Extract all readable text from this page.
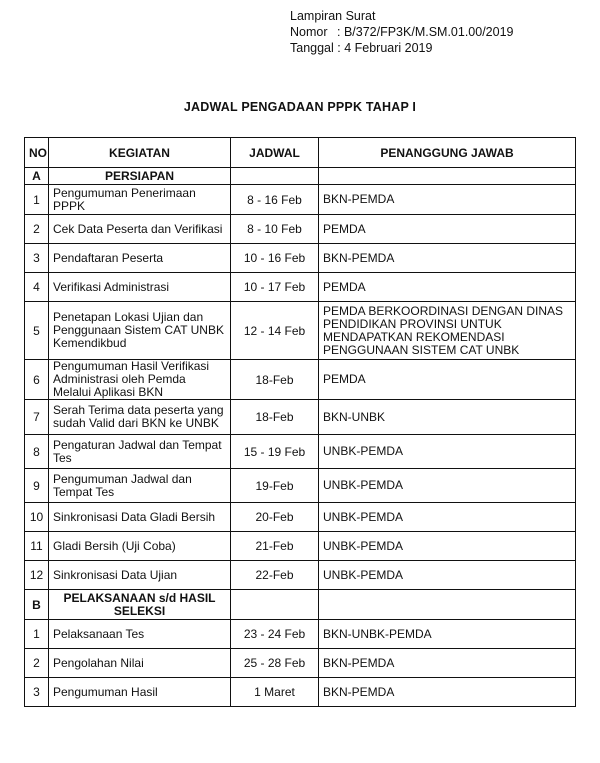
Lampiran Surat
Nomor : B/372/FP3K/M.SM.01.00/2019
Tanggal : 4 Februari 2019
JADWAL PENGADAAN PPPK TAHAP I
NO	KEGIATAN	JADWAL	PENANGGUNG JAWAB
A	PERSIAPAN		
1	Pengumuman Penerimaan PPPK	8 - 16 Feb	BKN-PEMDA
2	Cek Data Peserta dan Verifikasi	8 - 10 Feb	PEMDA
3	Pendaftaran Peserta	10 - 16 Feb	BKN-PEMDA
4	Verifikasi Administrasi	10 - 17 Feb	PEMDA
5	Penetapan Lokasi Ujian dan Penggunaan Sistem CAT UNBK Kemendikbud	12 - 14 Feb	PEMDA BERKOORDINASI DENGAN DINAS PENDIDIKAN PROVINSI UNTUK MENDAPATKAN REKOMENDASI PENGGUNAAN SISTEM CAT UNBK
6	Pengumuman Hasil Verifikasi Administrasi oleh Pemda Melalui Aplikasi BKN	18-Feb	PEMDA
7	Serah Terima data peserta yang sudah Valid dari BKN ke UNBK	18-Feb	BKN-UNBK
8	Pengaturan Jadwal dan Tempat Tes	15 - 19 Feb	UNBK-PEMDA
9	Pengumuman Jadwal dan Tempat Tes	19-Feb	UNBK-PEMDA
10	Sinkronisasi Data Gladi Bersih	20-Feb	UNBK-PEMDA
11	Gladi Bersih (Uji Coba)	21-Feb	UNBK-PEMDA
12	Sinkronisasi Data Ujian	22-Feb	UNBK-PEMDA
B	PELAKSANAAN s/d HASIL SELEKSI		
1	Pelaksanaan Tes	23 - 24 Feb	BKN-UNBK-PEMDA
2	Pengolahan Nilai	25 - 28 Feb	BKN-PEMDA
3	Pengumuman Hasil	1 Maret	BKN-PEMDA
